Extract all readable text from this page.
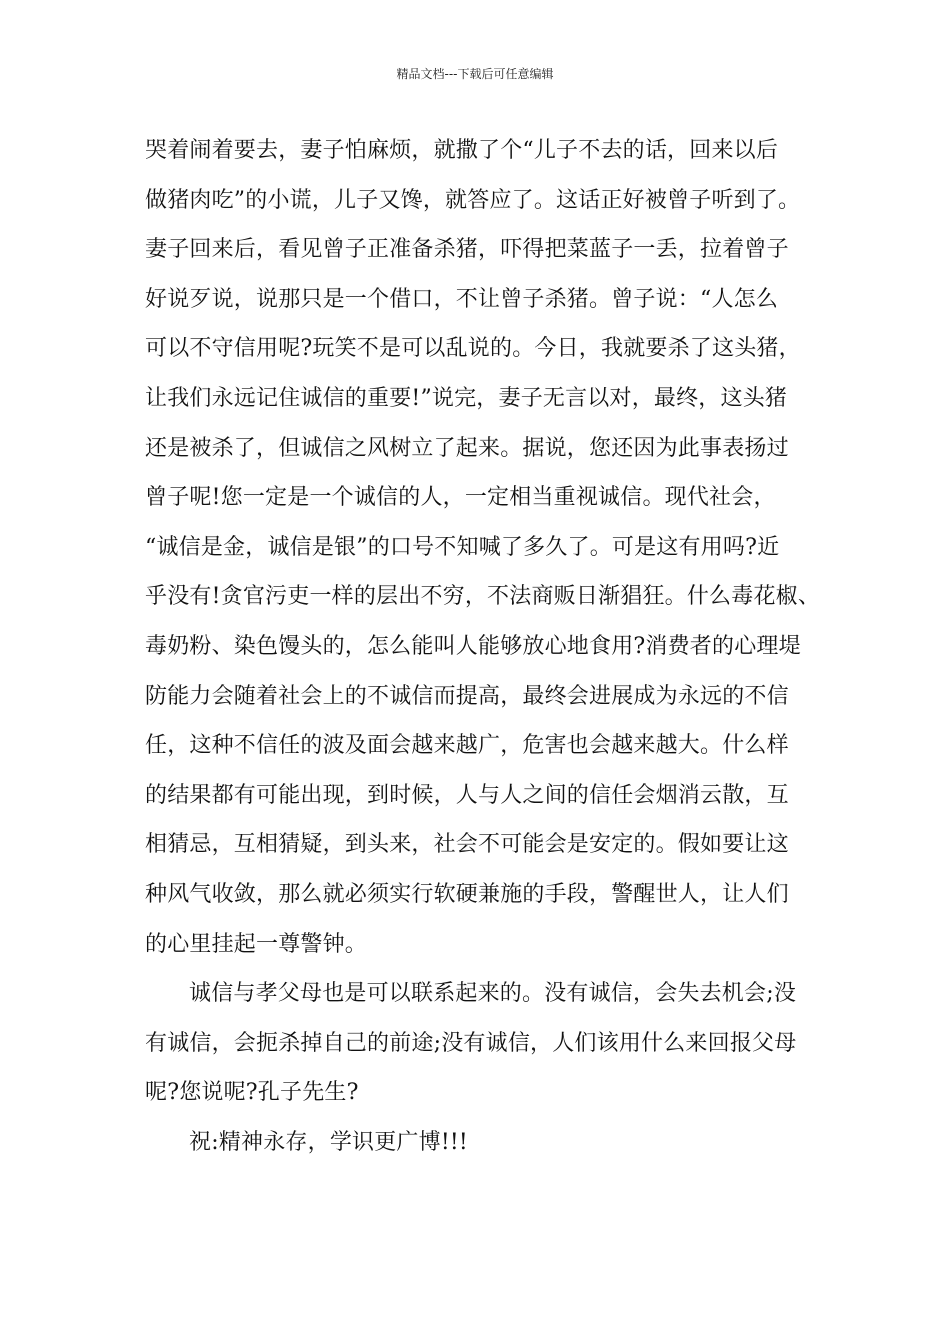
精品文档---下载后可任意编辑
哭着闹着要去，妻子怕麻烦，就撒了个“儿子不去的话，回来以后
做猪肉吃”的小谎，儿子又馋，就答应了。这话正好被曾子听到了。
妻子回来后，看见曾子正准备杀猪，吓得把菜蓝子一丢，拉着曾子
好说歹说，说那只是一个借口，不让曾子杀猪。曾子说：“人怎么
可以不守信用呢?玩笑不是可以乱说的。今日，我就要杀了这头猪，
让我们永远记住诚信的重要!”说完，妻子无言以对，最终，这头猪
还是被杀了，但诚信之风树立了起来。据说，您还因为此事表扬过
曾子呢!您一定是一个诚信的人，一定相当重视诚信。现代社会，
“诚信是金，诚信是银”的口号不知喊了多久了。可是这有用吗?近
乎没有!贪官污吏一样的层出不穷，不法商贩日渐猖狂。什么毒花椒、
毒奶粉、染色馒头的，怎么能叫人能够放心地食用?消费者的心理堤
防能力会随着社会上的不诚信而提高，最终会进展成为永远的不信
任，这种不信任的波及面会越来越广，危害也会越来越大。什么样
的结果都有可能出现，到时候，人与人之间的信任会烟消云散，互
相猜忌，互相猜疑，到头来，社会不可能会是安定的。假如要让这
种风气收敛，那么就必须实行软硬兼施的手段，警醒世人，让人们
的心里挂起一尊警钟。
诚信与孝父母也是可以联系起来的。没有诚信，会失去机会;没
有诚信，会扼杀掉自己的前途;没有诚信，人们该用什么来回报父母
呢?您说呢?孔子先生?
祝:精神永存，学识更广博!!!
